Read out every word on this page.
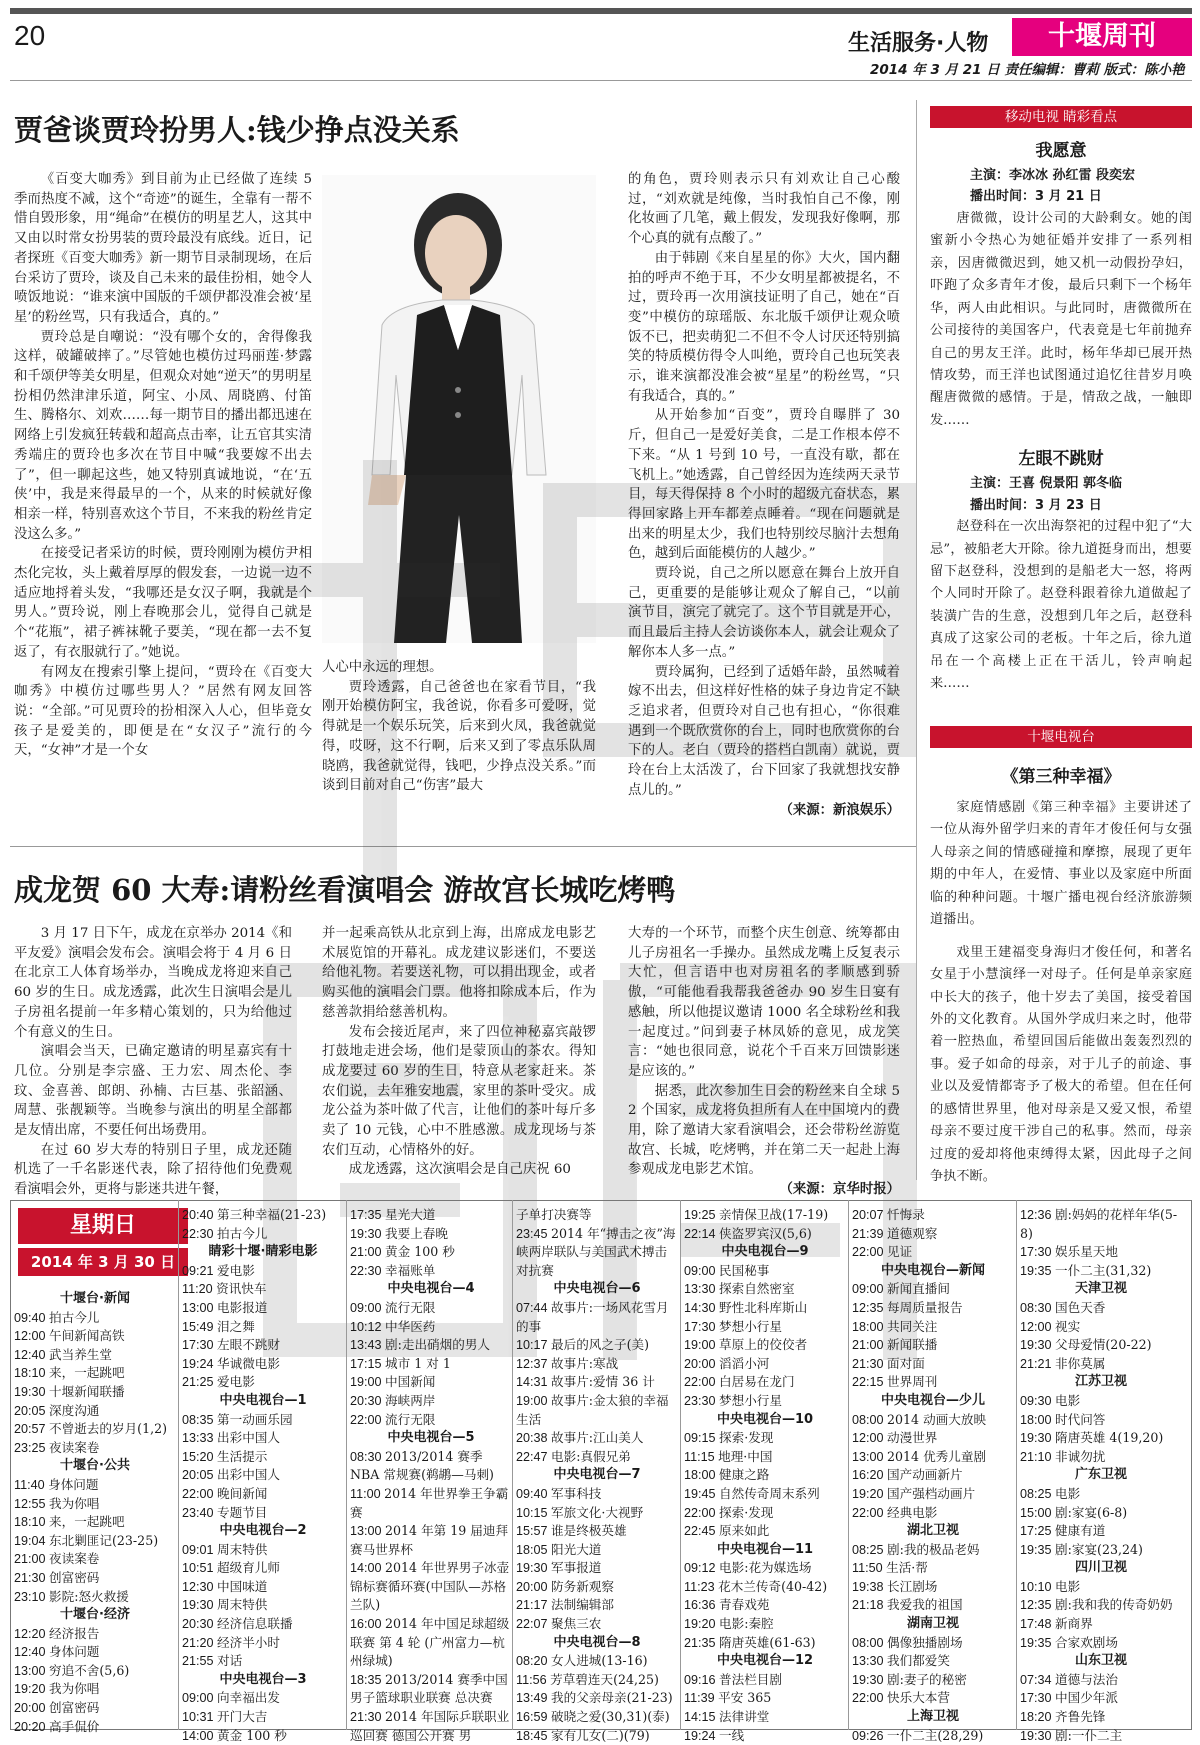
20	生活服务·人物	十堰周刊
2014 年 3 月 21 日 责任编辑：曹莉 版式：陈小艳
贾爸谈贾玲扮男人:钱少挣点没关系

《百变大咖秀》到目前为止已经做了连续 5 季而热度不减，这个“奇迹”的诞生，全靠有一帮不惜自毁形象，用“绳命”在模仿的明星艺人，这其中又由以时常女扮男装的贾玲最没有底线。近日，记者探班《百变大咖秀》新一期节目录制现场，在后台采访了贾玲，谈及自己未来的最佳扮相，她令人喷饭地说：“谁来演中国版的千颂伊都没准会被‘星星’的粉丝骂，只有我适合，真的。”

贾玲总是自嘲说：“没有哪个女的，舍得像我这样，破罐破摔了。”尽管她也模仿过玛丽莲·梦露和千颂伊等美女明星，但观众对她“逆天”的男明星扮相仍然津津乐道，阿宝、小凤、周晓鸥、付笛生、腾格尔、刘欢……每一期节目的播出都迅速在网络上引发疯狂转载和超高点击率，让五官其实清秀端庄的贾玲也多次在节目中喊“我要嫁不出去了”，但一聊起这些，她又特别真诚地说，“在‘五侠’中，我是来得最早的一个，从来的时候就好像相亲一样，特别喜欢这个节目，不来我的粉丝肯定没这么多。”

在接受记者采访的时候，贾玲刚刚为模仿尹相杰化完妆，头上戴着厚厚的假发套，一边说一边不适应地捋着头发，“我哪还是女汉子啊，我就是个男人。”贾玲说，刚上春晚那会儿，觉得自己就是个“花瓶”，裙子裤袜靴子要美，“现在都一去不复返了，有衣服就行了。”她说。

有网友在搜索引擎上提问，“贾玲在《百变大咖秀》中模仿过哪些男人？”居然有网友回答说：“全部。”可见贾玲的扮相深入人心，但毕竟女孩子是爱美的，即便是在“女汉子”流行的今天，“女神”才是一个女

人心中永远的理想。

贾玲透露，自己爸爸也在家看节目，“我刚开始模仿阿宝，我爸说，你看多可爱呀，觉得就是一个娱乐玩笑，后来到火凤，我爸就觉得，哎呀，这不行啊，后来又到了零点乐队周晓鸥，我爸就觉得，钱吧，少挣点没关系。”而谈到目前对自己“伤害”最大

的角色，贾玲则表示只有刘欢让自己心酸过，“刘欢就是纯像，当时我怕自己不像，刚化妆画了几笔，戴上假发，发现我好像啊，那个心真的就有点酸了。”

由于韩剧《来自星星的你》大火，国内翻拍的呼声不绝于耳，不少女明星都被提名，不过，贾玲再一次用演技证明了自己，她在“百变”中模仿的琼瑶版、东北版千颂伊让观众喷饭不已，把卖萌犯二不但不令人讨厌还特别搞笑的特质模仿得令人叫绝，贾玲自己也玩笑表示，谁来演都没准会被“星星”的粉丝骂，“只有我适合，真的。”

从开始参加“百变”，贾玲自曝胖了 30 斤，但自己一是爱好美食，二是工作根本停不下来。“从 1 号到 10 号，一直没有歇，都在飞机上。”她透露，自己曾经因为连续两天录节目，每天得保持 8 个小时的超级亢奋状态，累得回家路上开车都差点睡着。“现在问题就是出来的明星太少，我们也特别绞尽脑汁去想角色，越到后面能模仿的人越少。”

贾玲说，自己之所以愿意在舞台上放开自己，更重要的是能够让观众了解自己，“以前演节目，演完了就完了。这个节目就是开心，而且最后主持人会访谈你本人，就会让观众了解你本人多一点。”

贾玲属狗，已经到了适婚年龄，虽然喊着嫁不出去，但这样好性格的妹子身边肯定不缺乏追求者，但贾玲对自己也有担心，“你很难遇到一个既欣赏你的台上，同时也欣赏你的台下的人。老白（贾玲的搭档白凯南）就说，贾玲在台上太活泼了，台下回家了我就想找安静点儿的。”

（来源：新浪娱乐）

成龙贺 60 大寿:请粉丝看演唱会 游故宫长城吃烤鸭

3 月 17 日下午，成龙在京举办 2014《和平友爱》演唱会发布会。演唱会将于 4 月 6 日在北京工人体育场举办，当晚成龙将迎来自己 60 岁的生日。成龙透露，此次生日演唱会是儿子房祖名提前一年多精心策划的，只为给他过个有意义的生日。

演唱会当天，已确定邀请的明星嘉宾有十几位。分别是李宗盛、王力宏、周杰伦、李玟、金喜善、郎朗、孙楠、古巨基、张韶涵、周慧、张靓颖等。当晚参与演出的明星全部都是友情出席，不要任何出场费用。

在过 60 岁大寿的特别日子里，成龙还随机选了一千名影迷代表，除了招待他们免费观看演唱会外，更将与影迷共进午餐，

并一起乘高铁从北京到上海，出席成龙电影艺术展览馆的开幕礼。成龙建议影迷们，不要送给他礼物。若要送礼物，可以捐出现金，或者购买他的演唱会门票。他将扣除成本后，作为慈善款捐给慈善机构。

发布会接近尾声，来了四位神秘嘉宾敲锣打鼓地走进会场，他们是蒙顶山的茶农。得知成龙要过 60 岁的生日，特意从老家赶来。茶农们说，去年雅安地震，家里的茶叶受灾。成龙公益为茶叶做了代言，让他们的茶叶每斤多卖了 10 元钱，心中不胜感激。成龙现场与茶农们互动，心情格外的好。

成龙透露，这次演唱会是自己庆祝 60

大寿的一个环节，而整个庆生创意、统筹都由儿子房祖名一手操办。虽然成龙嘴上反复表示大忙，但言语中也对房祖名的孝顺感到骄傲，“可能他看我帮我爸爸办 90 岁生日宴有感触，所以他提议邀请 1000 名全球粉丝和我一起度过。”问到妻子林凤娇的意见，成龙笑言：“她也很同意，说花个千百来万回馈影迷是应该的。”

据悉，此次参加生日会的粉丝来自全球 52 个国家，成龙将负担所有人在中国境内的费用，除了邀请大家看演唱会，还会带粉丝游览故宫、长城，吃烤鸭，并在第二天一起赴上海参观成龙电影艺术馆。

（来源：京华时报）

移动电视 睛彩看点
我愿意
主演：李冰冰 孙红雷 段奕宏
播出时间：3 月 21 日
唐微微，设计公司的大龄剩女。她的闺蜜新小令热心为她征婚并安排了一系列相亲，因唐微微迟到，她又机一动假扮孕妇，吓跑了众多青年才俊，最后只剩下一个杨年华，两人由此相识。与此同时，唐微微所在公司接待的美国客户，代表竟是七年前抛弃自己的男友王洋。此时，杨年华却已展开热情攻势，而王洋也试图通过追忆往昔岁月唤醒唐微微的感情。于是，情敌之战，一触即发……
左眼不跳财
主演：王喜 倪景阳 郭冬临
播出时间：3 月 23 日
赵登科在一次出海祭祀的过程中犯了“大忌”，被船老大开除。徐九道挺身而出，想要留下赵登科，没想到的是船老大一怒，将两个人同时开除了。赵登科跟着徐九道做起了装潢广告的生意，没想到几年之后，赵登科真成了这家公司的老板。十年之后，徐九道吊在一个高楼上正在干活儿，铃声响起来……
十堰电视台
《第三种幸福》
家庭情感剧《第三种幸福》主要讲述了一位从海外留学归来的青年才俊任何与女强人母亲之间的情感碰撞和摩擦，展现了更年期的中年人，在爱情、事业以及家庭中所面临的种种问题。十堰广播电视台经济旅游频道播出。
戏里王建福变身海归才俊任何，和著名女星于小慧演绎一对母子。任何是单亲家庭中长大的孩子，他十岁去了美国，接受着国外的文化教育。从国外学成归来之时，他带着一腔热血，希望回国后能做出轰轰烈烈的事。爱子如命的母亲，对于儿子的前途、事业以及爱情都寄予了极大的希望。但在任何的感情世界里，他对母亲是又爱又恨，希望母亲不要过度干涉自己的私事。然而，母亲过度的爱却将他束缚得太紧，因此母子之间争执不断。
星期日
2014 年 3 月 30 日
十堰台·新闻
09:40 拍古今儿
12:00 午间新闻高铁
12:40 武当养生堂
18:10 来，一起跳吧
19:30 十堰新闻联播
20:05 深度沟通
20:57 不曾逝去的岁月(1,2)
23:25 夜读案卷
十堰台·公共
11:40 身体问题
12:55 我为你唱
18:10 来，一起跳吧
19:04 东北剿匪记(23-25)
21:00 夜读案卷
21:30 创富密码
23:10 影院:怒火救援
十堰台·经济
12:20 经济报告
12:40 身体问题
13:00 穷追不舍(5,6)
19:20 我为你唱
20:00 创富密码
20:20 高手侃价
20:40 第三种幸福(21-23)
22:30 拍古今儿
睛彩十堰·睛彩电影
09:21 爱电影
11:20 资讯快车
13:00 电影报道
15:49 泪之舞
17:30 左眼不跳财
19:24 华诚微电影
21:25 爱电影
中央电视台—1
08:35 第一动画乐园
13:33 出彩中国人
15:20 生活提示
20:05 出彩中国人
22:00 晚间新闻
23:40 专题节目
中央电视台—2
09:01 周末特供
10:51 超级育儿师
12:30 中国味道
19:30 周末特供
20:30 经济信息联播
21:20 经济半小时
21:55 对话
中央电视台—3
09:00 向幸福出发
10:31 开门大吉
14:00 黄金 100 秒
17:35 星光大道
19:30 我要上春晚
21:00 黄金 100 秒
22:30 幸福账单
中央电视台—4
09:00 流行无限
10:12 中华医药
13:43 剧:走出硝烟的男人
17:15 城市 1 对 1
19:00 中国新闻
20:30 海峡两岸
22:00 流行无限
中央电视台—5
08:30 2013/2014 赛季 NBA 常规赛(鹈鹕—马刺)
11:00 2014 年世界拳王争霸赛
13:00 2014 年第 19 届迪拜赛马世界杯
14:00 2014 年世界男子冰壶锦标赛循环赛(中国队—苏格兰队)
16:00 2014 年中国足球超级联赛 第 4 轮 (广州富力—杭州绿城)
18:35 2013/2014 赛季中国男子篮球职业联赛 总决赛
21:30 2014 年国际乒联职业巡回赛 德国公开赛 男
子单打决赛等
23:45 2014 年“搏击之夜”海峡两岸联队与美国武术搏击对抗赛
中央电视台—6
07:44 故事片:一场风花雪月的事
10:17 最后的风之子(美)
12:37 故事片:寒战
14:31 故事片:爱情 36 计
19:00 故事片:金太狼的幸福生活
20:38 故事片:江山美人
22:47 电影:真假兄弟
中央电视台—7
09:40 军事科技
10:15 军旅文化·大视野
15:57 谁是终极英雄
18:05 阳光大道
19:30 军事报道
20:00 防务新观察
21:17 法制编辑部
22:07 聚焦三农
中央电视台—8
08:20 女人进城(13-16)
11:56 芳草碧连天(24,25)
13:49 我的父亲母亲(21-23)
16:59 破晓之爱(30,31)(泰)
18:45 家有儿女(二)(79)
19:25 亲情保卫战(17-19)
22:14 侠盗罗宾汉(5,6)
中央电视台—9
09:00 民国秘事
13:30 探索自然密室
14:30 野性北科库斯山
17:30 梦想小行星
19:00 草原上的佼佼者
20:00 滔滔小河
22:00 白居易在龙门
23:30 梦想小行星
中央电视台—10
09:15 探索·发现
11:15 地理·中国
18:00 健康之路
19:45 自然传奇周末系列
22:00 探索·发现
22:45 原来如此
中央电视台—11
09:12 电影:花为媒选场
11:23 花木兰传奇(40-42)
16:36 青春戏苑
19:20 电影:秦腔
21:35 隋唐英雄(61-63)
中央电视台—12
09:16 普法栏目剧
11:39 平安 365
14:15 法律讲堂
19:24 一线
20:07 忏悔录
21:39 道德观察
22:00 见证
中央电视台—新闻
09:00 新闻直播间
12:35 每周质量报告
18:00 共同关注
21:00 新闻联播
21:30 面对面
22:15 世界周刊
中央电视台—少儿
08:00 2014 动画大放映
12:00 动漫世界
13:00 2014 优秀儿童剧
16:20 国产动画新片
19:20 国产强档动画片
22:00 经典电影
湖北卫视
08:25 剧:我的极品老妈
11:50 生活·帮
19:38 长江剧场
21:18 我爱我的祖国
湖南卫视
08:00 偶像独播剧场
13:30 我们都爱笑
19:30 剧:妻子的秘密
22:00 快乐大本营
上海卫视
09:26 一仆二主(28,29)
12:36 剧:妈妈的花样年华(5-8)
17:30 娱乐星天地
19:35 一仆二主(31,32)
天津卫视
08:30 国色天香
12:00 视实
19:30 父母爱情(20-22)
21:21 非你莫属
江苏卫视
09:30 电影
18:00 时代问答
19:30 隋唐英雄 4(19,20)
21:10 非诚勿扰
广东卫视
08:25 电影
15:00 剧:家宴(6-8)
17:25 健康有道
19:35 剧:家宴(23,24)
四川卫视
10:10 电影
12:35 剧:我和我的传奇奶奶
17:48 新商界
19:35 合家欢剧场
山东卫视
07:34 道德与法治
17:30 中国少年派
18:20 齐鲁先锋
19:30 剧:一仆二主
